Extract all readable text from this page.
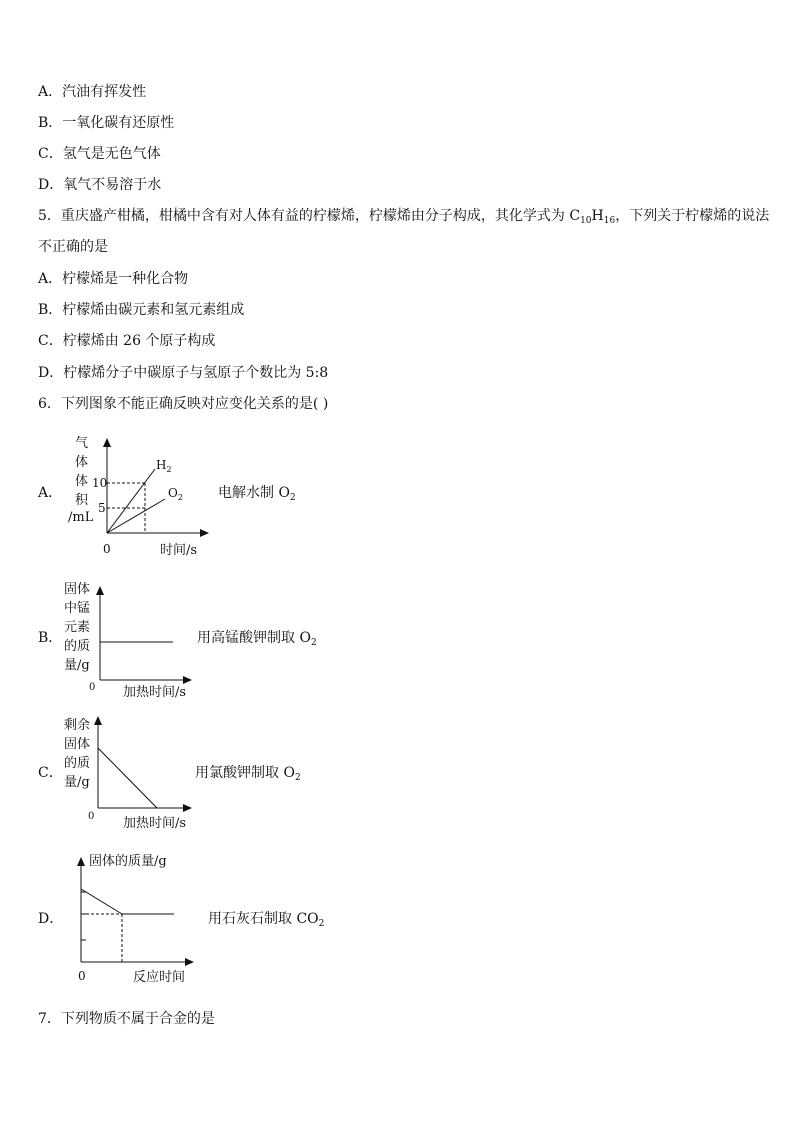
A．汽油有挥发性
B．一氧化碳有还原性
C．氢气是无色气体
D．氧气不易溶于水
5．重庆盛产柑橘，柑橘中含有对人体有益的柠檬烯，柠檬烯由分子构成，其化学式为 $C_{10}H_{16}$，下列关于柠檬烯的说法
不正确的是
A．柠檬烯是一种化合物
B．柠檬烯由碳元素和氢元素组成
C．柠檬烯由 26 个原子构成
D．柠檬烯分子中碳原子与氢原子个数比为 5:8
6．下列图象不能正确反映对应变化关系的是( )
A．
气
体
体
积
/mL
10
5
0	时间/s
$H_2$
$O_2$	电解水制 $O_2$
B．
固体
中锰
元素
的质
量/g
0 加热时间/s
用高锰酸钾制取 $O_2$
C．
剩余
固体
的质
量/g
0 加热时间/s
用氯酸钾制取 $O_2$
D．
固体的质量/g
0	反应时间
用石灰石制取 $CO_2$
7．下列物质不属于合金的是
